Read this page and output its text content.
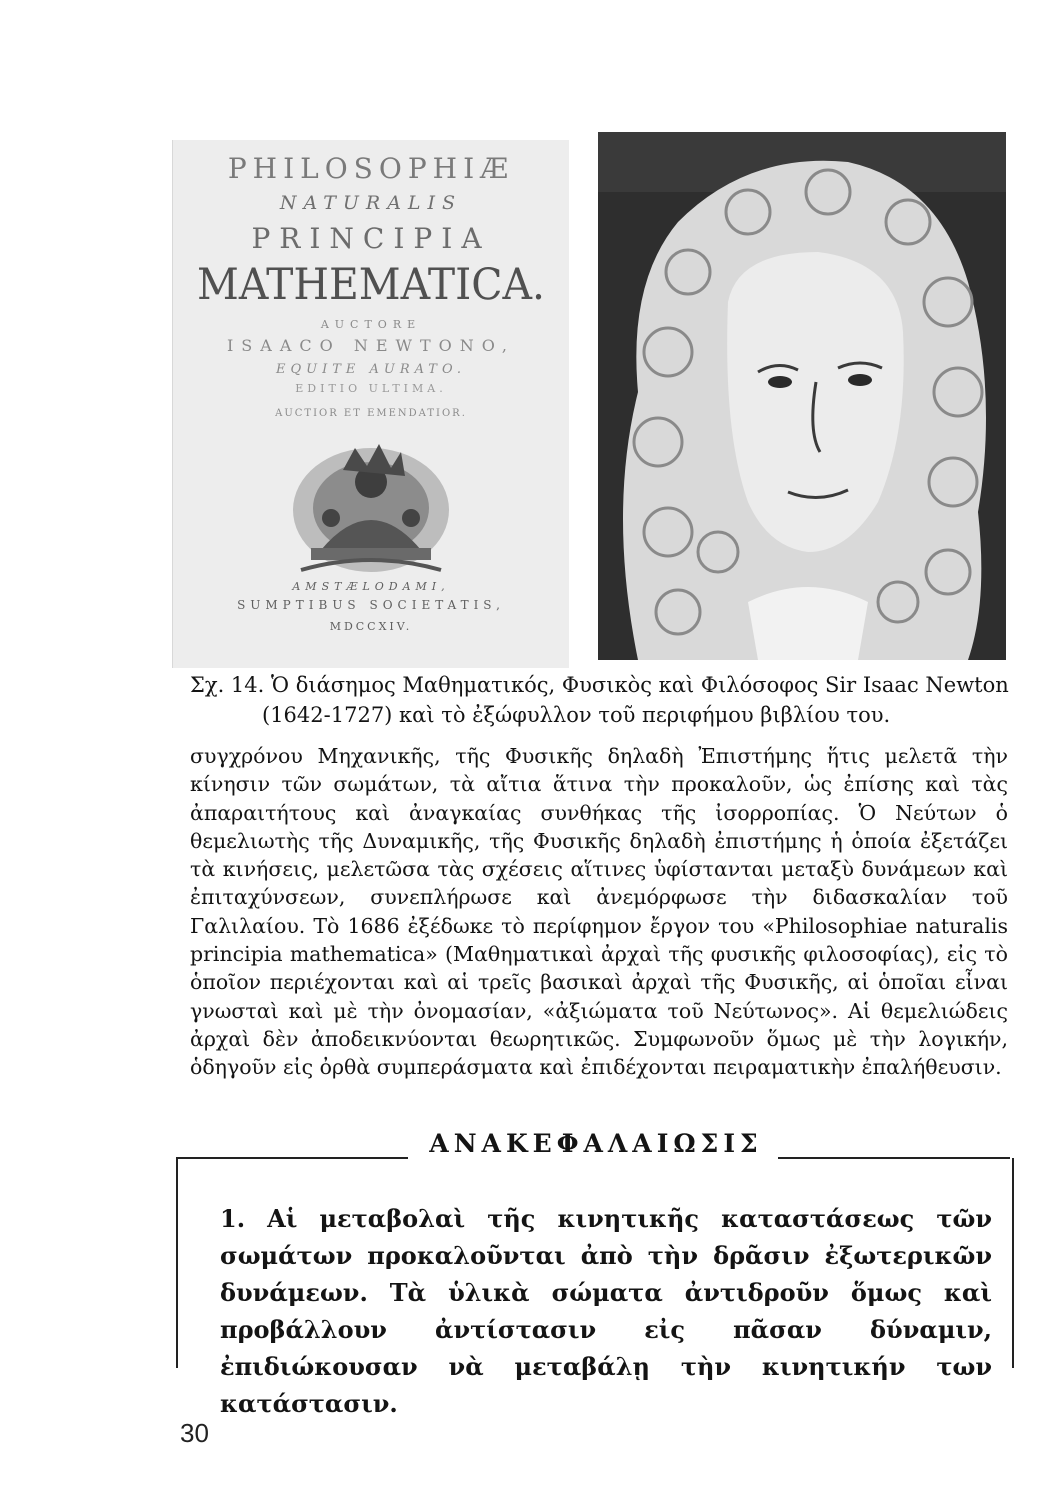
PHILOSOPHIÆ
NATURALIS
PRINCIPIA
MATHEMATICA.
AUCTORE
ISAACO NEWTONO,
EQUITE AURATO.
EDITIO ULTIMA.
AUCTIOR ET EMENDATIOR.
AMSTÆLODAMI,
SUMPTIBUS SOCIETATIS,
MDCCXIV.
Σχ. 14. Ὁ διάσημος Μαθηματικός, Φυσικὸς καὶ Φιλόσοφος Sir Isaac Newton
(1642-1727) καὶ τὸ ἐξώφυλλον τοῦ περιφήμου βιβλίου του.
συγχρόνου Μηχανικῆς, τῆς Φυσικῆς δηλαδὴ Ἐπιστήμης ἥτις μελετᾶ τὴν κίνησιν τῶν σωμάτων, τὰ αἴτια ἅτινα τὴν προκαλοῦν, ὡς ἐπίσης καὶ τὰς ἀπαραιτήτους καὶ ἀναγκαίας συνθήκας τῆς ἰσορροπίας. Ὁ Νεύτων ὁ θεμελιωτὴς τῆς Δυναμικῆς, τῆς Φυσικῆς δηλαδὴ ἐπιστήμης ἡ ὁποία ἐξετάζει τὰ κινήσεις, μελετῶσα τὰς σχέσεις αἵτινες ὑφίστανται μεταξὺ δυνάμεων καὶ ἐπιταχύνσεων, συνεπλήρωσε καὶ ἀνεμόρφωσε τὴν διδασκαλίαν τοῦ Γαλιλαίου. Τὸ 1686 ἐξέδωκε τὸ περίφημον ἔργον του «Philosophiae naturalis principia mathematica» (Μαθηματικαὶ ἀρχαὶ τῆς φυσικῆς φιλοσοφίας), εἰς τὸ ὁποῖον περιέχονται καὶ αἱ τρεῖς βασικαὶ ἀρχαὶ τῆς Φυσικῆς, αἱ ὁποῖαι εἶναι γνωσταὶ καὶ μὲ τὴν ὀνομασίαν, «ἀξιώματα τοῦ Νεύτωνος». Αἱ θεμελιώδεις ἀρχαὶ δὲν ἀποδεικνύονται θεωρητικῶς. Συμφωνοῦν ὅμως μὲ τὴν λογικήν, ὁδηγοῦν εἰς ὀρθὰ συμπεράσματα καὶ ἐπιδέχονται πειραματικὴν ἐπαλήθευσιν.
ΑΝΑΚΕΦΑΛΑΙΩΣΙΣ
1. Αἱ μεταβολαὶ τῆς κινητικῆς καταστάσεως τῶν σωμάτων προκαλοῦνται ἀπὸ τὴν δρᾶσιν ἐξωτερικῶν δυνάμεων. Τὰ ὑλικὰ σώματα ἀντιδροῦν ὅμως καὶ προβάλλουν ἀντίστασιν εἰς πᾶσαν δύναμιν, ἐπιδιώκουσαν νὰ μεταβάλῃ τὴν κινητικήν των κατάστασιν.
30
